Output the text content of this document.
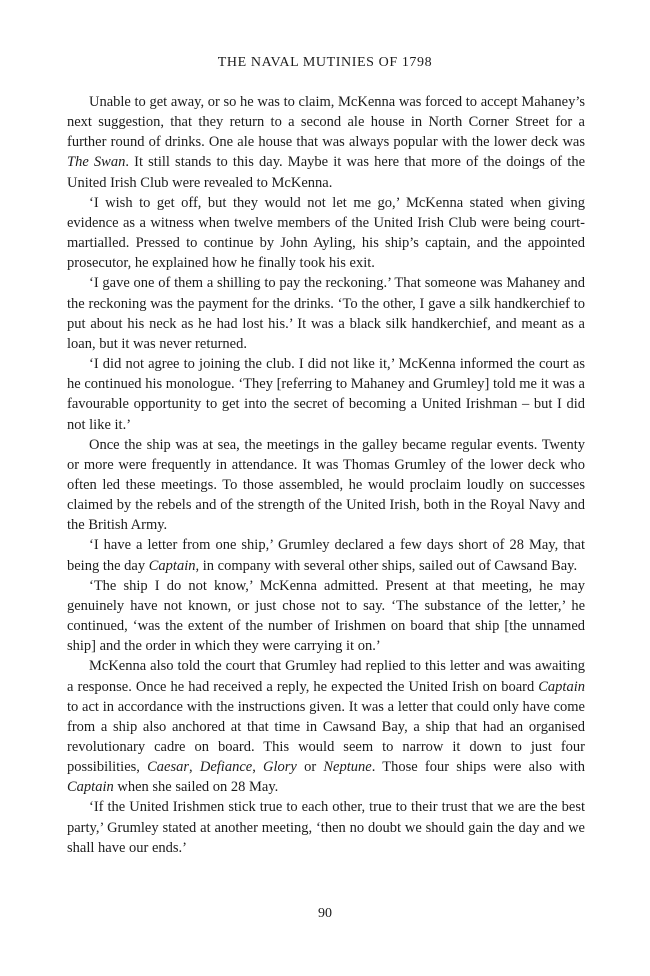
THE NAVAL MUTINIES OF 1798

Unable to get away, or so he was to claim, McKenna was forced to accept Mahaney’s next suggestion, that they return to a second ale house in North Corner Street for a further round of drinks. One ale house that was always popular with the lower deck was The Swan. It still stands to this day. Maybe it was here that more of the doings of the United Irish Club were revealed to McKenna.

‘I wish to get off, but they would not let me go,’ McKenna stated when giving evidence as a witness when twelve members of the United Irish Club were being court-martialled. Pressed to continue by John Ayling, his ship’s captain, and the appointed prosecutor, he explained how he finally took his exit.

‘I gave one of them a shilling to pay the reckoning.’ That someone was Mahaney and the reckoning was the payment for the drinks. ‘To the other, I gave a silk handkerchief to put about his neck as he had lost his.’ It was a black silk handkerchief, and meant as a loan, but it was never returned.

‘I did not agree to joining the club. I did not like it,’ McKenna informed the court as he continued his monologue. ‘They [referring to Mahaney and Grumley] told me it was a favourable opportunity to get into the secret of becoming a United Irishman – but I did not like it.’

Once the ship was at sea, the meetings in the galley became regular events. Twenty or more were frequently in attendance. It was Thomas Grumley of the lower deck who often led these meetings. To those assembled, he would proclaim loudly on successes claimed by the rebels and of the strength of the United Irish, both in the Royal Navy and the British Army.

‘I have a letter from one ship,’ Grumley declared a few days short of 28 May, that being the day Captain, in company with several other ships, sailed out of Cawsand Bay.

‘The ship I do not know,’ McKenna admitted. Present at that meeting, he may genuinely have not known, or just chose not to say. ‘The substance of the letter,’ he continued, ‘was the extent of the number of Irishmen on board that ship [the unnamed ship] and the order in which they were carrying it on.’

McKenna also told the court that Grumley had replied to this letter and was awaiting a response. Once he had received a reply, he expected the United Irish on board Captain to act in accordance with the instructions given. It was a letter that could only have come from a ship also anchored at that time in Cawsand Bay, a ship that had an organised revolutionary cadre on board. This would seem to narrow it down to just four possibilities, Caesar, Defiance, Glory or Neptune. Those four ships were also with Captain when she sailed on 28 May.

‘If the United Irishmen stick true to each other, true to their trust that we are the best party,’ Grumley stated at another meeting, ‘then no doubt we should gain the day and we shall have our ends.’

90
